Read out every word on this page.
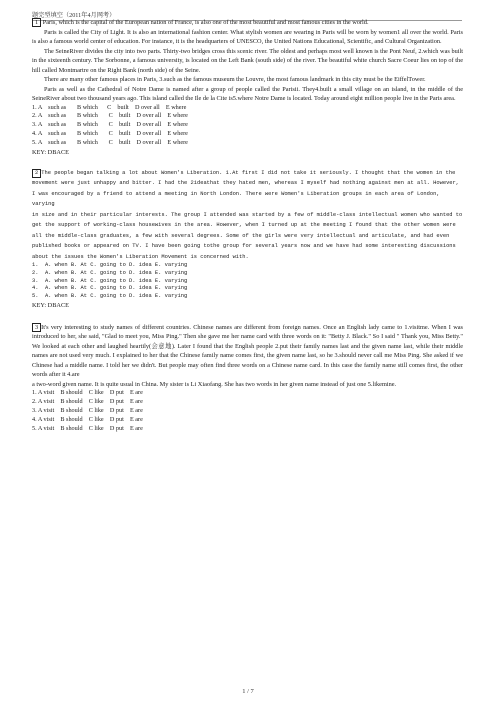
题完型填空（2011年4月网考）

1 Paris, which is the capital of the European nation of France, is also one of the most beautiful and most famous cities in the world.

Paris is called the City of Light. It is also an international fashion center. What stylish women are wearing in Paris will be worn by women1 all over the world. Paris is also a famous world center of education. For instance, it is the headquarters of UNESCO, the United Nations Educational, Scientific, and Cultural Organization.

The SeineRiver divides the city into two parts. Thirty-two bridges cross this scenic river. The oldest and perhaps most well known is the Pont Neuf, 2.which was built in the sixteenth century. The Sorbonne, a famous university, is located on the Left Bank (south side) of the river. The beautiful white church Sacre Coeur lies on top of the hill called Montmartre on the Right Bank (north side) of the Seine.

There are many other famous places in Paris, 3.such as the famous museum the Louvre, the most famous landmark in this city must be the EiffelTower.

Paris as well as the Cathedral of Notre Dame is named after a group of people called the Parisii. They4.built a small village on an island, in the middle of the SeineRiver about two thousand years ago. This island called the Ile de la Cite is5.where Notre Dame is located. Today around eight million people live in the Paris area.

1. A    such as       B which      C    built    D over all    E where

2. A    such as       B which       C    built    D over all    E where

3. A    such as       B which       C    built    D over all    E where

4. A    such as       B which       C    built    D over all    E where

5. A    such as       B which       C    built    D over all    E where

KEY: DBACE

2 The people began talking a lot about Women's Liberation. 1.At first I did not take it seriously. I thought that the women in the movement were just unhappy and bitter. I had the 2ideathat they hated men, whereas I myself had nothing against men at all. However, I was encouraged by a friend to attend a meeting in North London. There were Women's Liberation groups in each area of London, varying

in size and in their particular interests. The group I attended was started by a few of middle-class intellectual women who wanted to get the support of working-class housewives in the area. However, when I turned up at the meeting I found that the other women were all the middle-class graduates, a few with several degrees. Some of the girls were very intellectual and articulate, and had even published books or appeared on TV. I have been going tothe group for several years now and we have had some interesting discussions about the issues the Women's Liberation Movement is concerned with.

1.  A. when B. At C. going to D. idea E. varying

2.  A. when B. At C. going to D. idea E. varying

3.  A. when B. At C. going to D. idea E. varying

4.  A. when B. At C. going to D. idea E. varying

5.  A. when B. At C. going to D. idea E. varying

KEY: DBACE

3 It's very interesting to study names of different countries. Chinese names are different from foreign names. Once an English lady came to 1.visitme. When I was introduced to her, she said, "Glad to meet you, Miss Ping." Then she gave me her name card with three words on it: "Betty J. Black." So I said " Thank you, Miss Betty." We looked at each other and laughed heartily(会意地). Later I found that the English people 2.put their family names last and the given name last, while their middle names are not used very much. I explained to her that the Chinese family name comes first, the given name last, so he 3.should never call me Miss Ping. She asked if we Chinese had a middle name. I told her we didn't. But people may often find three words on a Chinese name card. In this case the family name still comes first, the other words after it 4.are

a two-word given name. It is quite usual in China. My sister is Li Xiaofang. She has two words in her given name instead of just one 5.likemine.

1. A visit    B should    C like    D put    E are

2. A visit    B should    C like    D put    E are

3. A visit    B should    C like    D put    E are

4. A visit    B should    C like    D put    E are

5. A visit    B should    C like    D put    E are

1 / 7
